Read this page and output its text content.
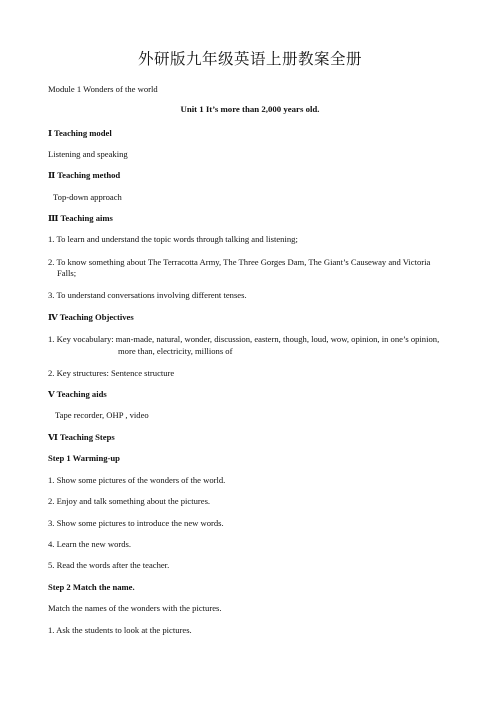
外研版九年级英语上册教案全册
Module 1 Wonders of the world
Unit 1 It’s more than 2,000 years old.
Ⅰ Teaching model
Listening and speaking
Ⅱ Teaching method
Top-down approach
Ⅲ Teaching aims
1. To learn and understand the topic words through talking and listening;
2. To know something about The Terracotta Army, The Three Gorges Dam, The Giant’s Causeway and Victoria
Falls;
3. To understand conversations involving different tenses.
Ⅳ Teaching Objectives
1. Key vocabulary: man-made, natural, wonder, discussion, eastern, though, loud, wow, opinion, in one’s opinion,
more than, electricity, millions of
2. Key structures: Sentence structure
Ⅴ Teaching aids
Tape recorder, OHP , video
Ⅵ Teaching Steps
Step 1 Warming-up
1. Show some pictures of the wonders of the world.
2. Enjoy and talk something about the pictures.
3. Show some pictures to introduce the new words.
4. Learn the new words.
5. Read the words after the teacher.
Step 2 Match the name.
Match the names of the wonders with the pictures.
1. Ask the students to look at the pictures.
